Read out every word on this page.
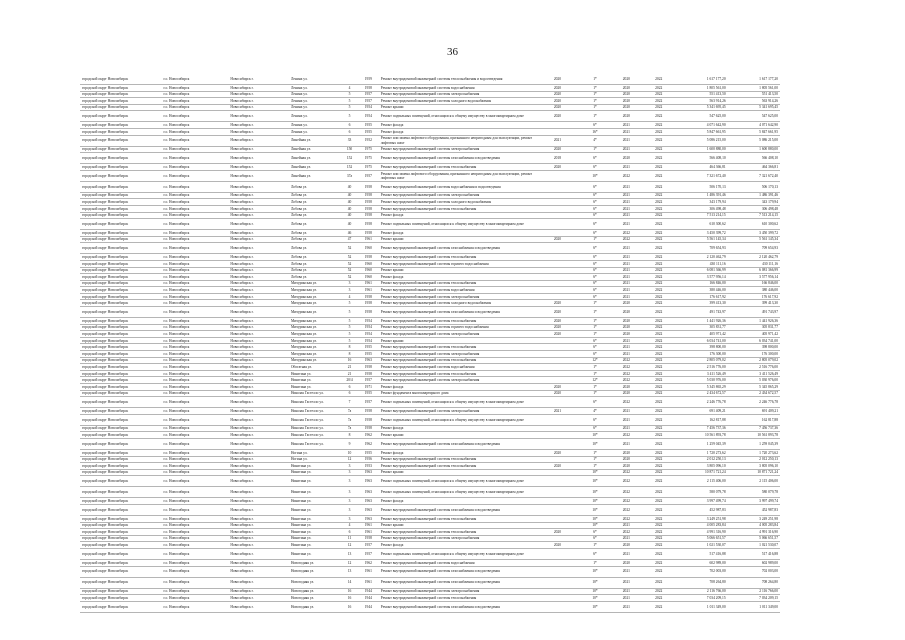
36
городской округ Новосибирск	г.о. Новосибирск	Новосибирск г.	Ленина ул.		1959	Ремонт внутридомовой инженерной системы теплоснабжения и водоотведения	2020	1*	2020	2022	1 617 177,20	1 617 177,20
городской округ Новосибирск	г.о. Новосибирск	Новосибирск г.	Ленина ул.	4	1958	Ремонт внутридомовой инженерной системы водоснабжения	2020	1*	2020	2022	1 805 561,00	1 805 561,00
городской округ Новосибирск	г.о. Новосибирск	Новосибирск г.	Ленина ул.	5	1957	Ремонт внутридомовой инженерной системы электроснабжения	2020	1*	2020	2022	551 413,50	551 413,50
городской округ Новосибирск	г.о. Новосибирск	Новосибирск г.	Ленина ул.	5	1957	Ремонт внутридомовой инженерной системы холодного водоснабжения	2020	1*	2020	2022	563 914,26	563 914,26
городской округ Новосибирск	г.о. Новосибирск	Новосибирск г.	Ленина ул.	5	1954	Ремонт крыши	2020	1*	2020	2022	5 341 695,45	5 341 695,45
городской округ Новосибирск	г.о. Новосибирск	Новосибирск г.	Ленина ул.	5	1954	Ремонт подвальных помещений, относящихся к общему имуществу в многоквартирном доме	2020	1*	2020	2022	547 625,00	547 625,00
городской округ Новосибирск	г.о. Новосибирск	Новосибирск г.	Ленина ул.	6	1955	Ремонт фасада		6*	2021	2022	4 071 642,90	4 071 642,90
городской округ Новосибирск	г.о. Новосибирск	Новосибирск г.	Ленина ул.	6	1955	Ремонт фасада		16*	2021	2022	5 847 661,95	5 847 661,95
городской округ Новосибирск	г.о. Новосибирск	Новосибирск г.	Линейная ул.	33	1952	Ремонт или замена лифтового оборудования, признанного непригодным для эксплуатации, ремонт лифтовых шахт	2021	4*	2021	2022	5 086 215,00	5 086 215,00
городской округ Новосибирск	г.о. Новосибирск	Новосибирск г.	Линейная ул.	150	1975	Ремонт внутридомовой инженерной системы электроснабжения	2020	1*	2021	2022	1 600 880,00	1 600 880,00
городской округ Новосибирск	г.о. Новосибирск	Новосибирск г.	Линейная ул.	152	1975	Ремонт внутридомовой инженерной системы газоснабжения и водоотведения	2018	6*	2020	2022	566 408,10	566 408,10
городской округ Новосибирск	г.о. Новосибирск	Новосибирск г.	Линейная ул.	152	1975	Ремонт внутридомовой инженерной системы теплоснабжения	2020	6*	2021	2022	464 366,81	464 366,81
городской округ Новосибирск	г.о. Новосибирск	Новосибирск г.	Линейная ул.	37а	1957	Ремонт или замена лифтового оборудования, признанного непригодным для эксплуатации, ремонт лифтовых шахт		10*	2022	2022	7 321 672,40	7 321 672,40
городской округ Новосибирск	г.о. Новосибирск	Новосибирск г.	Лобова ул.	40	1958	Ремонт внутридомовой инженерной системы водоснабжения и водоотведения		6*	2021	2022	506 170,13	506 170,13
городской округ Новосибирск	г.о. Новосибирск	Новосибирск г.	Лобова ул.	40	1958	Ремонт внутридомовой инженерной системы электроснабжения		6*	2021	2022	1 486 391,46	1 486 391,46
городской округ Новосибирск	г.о. Новосибирск	Новосибирск г.	Лобова ул.	40	1958	Ремонт внутридомовой инженерной системы холодного водоснабжения		6*	2021	2022	343 179,94	343 179,94
городской округ Новосибирск	г.о. Новосибирск	Новосибирск г.	Лобова ул.	40	1958	Ремонт внутридомовой инженерной системы теплоснабжения		6*	2021	2022	306 498,48	306 498,48
городской округ Новосибирск	г.о. Новосибирск	Новосибирск г.	Лобова ул.	40	1958	Ремонт фасада		6*	2021	2022	7 513 214,15	7 513 214,15
городской округ Новосибирск	г.о. Новосибирск	Новосибирск г.	Лобова ул.	40	1958	Ремонт подвальных помещений, относящихся к общему имуществу в многоквартирном доме		6*	2021	2022	610 300,62	610 300,62
городской округ Новосибирск	г.о. Новосибирск	Новосибирск г.	Лобова ул.	46	1958	Ремонт фасада		6*	2022	2022	3 450 399,72	3 450 399,72
городской округ Новосибирск	г.о. Новосибирск	Новосибирск г.	Лобова ул.	47	1961	Ремонт крыши	2020	1*	2022	2022	5 561 145,34	5 561 145,34
городской округ Новосибирск	г.о. Новосибирск	Новосибирск г.	Лобова ул.	52	1960	Ремонт внутридомовой инженерной системы газоснабжения и водоотведения		6*	2021	2022	709 654,93	709 654,93
городской округ Новосибирск	г.о. Новосибирск	Новосибирск г.	Лобова ул.	52	1958	Ремонт внутридомовой инженерной системы теплоснабжения		6*	2021	2022	2 120 462,79	2 120 462,79
городской округ Новосибирск	г.о. Новосибирск	Новосибирск г.	Лобова ул.	52	1960	Ремонт внутридомовой инженерной системы горячего водоснабжения		6*	2021	2022	430 111,16	430 111,16
городской округ Новосибирск	г.о. Новосибирск	Новосибирск г.	Лобова ул.	52	1960	Ремонт крыши		6*	2021	2022	6 081 366,99	6 081 366,99
городской округ Новосибирск	г.о. Новосибирск	Новосибирск г.	Лобова ул.	52	1960	Ремонт фасада		6*	2021	2022	3 577 956,14	3 577 956,14
городской округ Новосибирск	г.о. Новосибирск	Новосибирск г.	Мичуринская ул.	3	1961	Ремонт внутридомовой инженерной системы теплоснабжения		6*	2021	2022	166 846,00	166 846,00
городской округ Новосибирск	г.о. Новосибирск	Новосибирск г.	Мичуринская ул.	3	1961	Ремонт внутридомовой инженерной системы водоснабжения		6*	2021	2022	380 446,00	380 446,00
городской округ Новосибирск	г.о. Новосибирск	Новосибирск г.	Мичуринская ул.	4	1958	Ремонт внутридомовой инженерной системы электроснабжения		6*	2021	2022	176 617,92	176 617,92
городской округ Новосибирск	г.о. Новосибирск	Новосибирск г.	Мичуринская ул.	5	1958	Ремонт внутридомовой инженерной системы холодного водоснабжения	2020	1*	2020	2022	399 413,30	399 413,30
городской округ Новосибирск	г.о. Новосибирск	Новосибирск г.	Мичуринская ул.	5	1958	Ремонт внутридомовой инженерной системы газоснабжения и водоотведения	2020	1*	2020	2022	491 743,97	491 743,97
городской округ Новосибирск	г.о. Новосибирск	Новосибирск г.	Мичуринская ул.	5	1954	Ремонт внутридомовой инженерной системы теплоснабжения	2020	1*	2020	2022	1 441 926,36	1 441 926,36
городской округ Новосибирск	г.о. Новосибирск	Новосибирск г.	Мичуринская ул.	5	1954	Ремонт внутридомовой инженерной системы горячего водоснабжения	2020	1*	2020	2022	305 831,77	305 831,77
городской округ Новосибирск	г.о. Новосибирск	Новосибирск г.	Мичуринская ул.	5	1954	Ремонт внутридомовой инженерной системы электроснабжения	2020	1*	2020	2022	405 971,42	405 971,42
городской округ Новосибирск	г.о. Новосибирск	Новосибирск г.	Мичуринская ул.	5	1954	Ремонт крыши		6*	2021	2022	6 034 741,00	6 034 741,00
городской округ Новосибирск	г.о. Новосибирск	Новосибирск г.	Мичуринская ул.	8	1955	Ремонт внутридомовой инженерной системы теплоснабжения		6*	2021	2022	398 800,00	398 800,00
городской округ Новосибирск	г.о. Новосибирск	Новосибирск г.	Мичуринская ул.	8	1955	Ремонт внутридомовой инженерной системы электроснабжения		6*	2021	2022	176 300,00	176 300,00
городской округ Новосибирск	г.о. Новосибирск	Новосибирск г.	Мичуринская ул.	16	1963	Ремонт внутридомовой инженерной системы теплоснабжения		12*	2022	2022	2 805 079,02	2 805 079,02
городской округ Новосибирск	г.о. Новосибирск	Новосибирск г.	Обогатная ул.	21	1958	Ремонт внутридомовой инженерной системы водоснабжения		1*	2022	2022	2 516 776,00	2 516 776,00
городской округ Новосибирск	г.о. Новосибирск	Новосибирск г.	Никитина ул.	21	1958	Ремонт внутридомовой инженерной системы теплоснабжения		1*	2022	2022	3 411 526,49	3 411 526,49
городской округ Новосибирск	г.о. Новосибирск	Новосибирск г.	Никитина ул.	20/4	1957	Ремонт внутридомовой инженерной системы электроснабжения		12*	2022	2022	5 030 976,00	5 030 976,00
городской округ Новосибирск	г.о. Новосибирск	Новосибирск г.	Никитина ул.	6	1971	Ремонт фасада	2020	1*	2020	2022	5 345 865,29	5 345 865,29
городской округ Новосибирск	г.о. Новосибирск	Новосибирск г.	Николая Гастелло ул.	6	1955	Ремонт фундамента многоквартирного дома	2020	1*	2020	2022	2 434 672,57	2 434 672,57
городской округ Новосибирск	г.о. Новосибирск	Новосибирск г.	Николая Гастелло ул.	7	1957	Ремонт подвальных помещений, относящихся к общему имуществу в многоквартирном доме		6*	2022	2022	2 246 776,78	2 246 776,78
городской округ Новосибирск	г.о. Новосибирск	Новосибирск г.	Николая Гастелло ул.	7а	1958	Ремонт внутридомовой инженерной системы электроснабжения	2021	4*	2021	2022	691 409,21	691 409,21
городской округ Новосибирск	г.о. Новосибирск	Новосибирск г.	Николая Гастелло ул.	7а	1958	Ремонт подвальных помещений, относящихся к общему имуществу в многоквартирном доме		6*	2021	2022	162 817,88	162 817,88
городской округ Новосибирск	г.о. Новосибирск	Новосибирск г.	Николая Гастелло ул.	7а	1958	Ремонт фасада		6*	2021	2022	7 456 737,36	7 456 737,36
городской округ Новосибирск	г.о. Новосибирск	Новосибирск г.	Николая Гастелло ул.	8	1962	Ремонт крыши		10*	2022	2022	10 561 893,78	10 561 893,78
городской округ Новосибирск	г.о. Новосибирск	Новосибирск г.	Николая Гастелло ул.	9	1962	Ремонт внутридомовой инженерной системы газоснабжения и водоотведения		10*	2021	2022	1 259 045,39	1 259 045,39
городской округ Новосибирск	г.о. Новосибирск	Новосибирск г.	Ногина ул.	10	1955	Ремонт фасада	2020	1*	2020	2022	1 720 273,62	1 720 273,62
городской округ Новосибирск	г.о. Новосибирск	Новосибирск г.	Ногина ул.	12	1956	Ремонт внутридомовой инженерной системы теплоснабжения		1*	2020	2022	2 012 250,13	2 012 250,13
городской округ Новосибирск	г.о. Новосибирск	Новосибирск г.	Никитина ул.	3	1953	Ремонт внутридомовой инженерной системы теплоснабжения	2020	1*	2020	2022	3 805 096,10	3 805 096,10
городской округ Новосибирск	г.о. Новосибирск	Новосибирск г.	Никитина ул.	3	1963	Ремонт крыши		10*	2022	2022	10 871 721,24	10 871 721,24
городской округ Новосибирск	г.о. Новосибирск	Новосибирск г.	Никитина ул.	3	1963	Ремонт подвальных помещений, относящихся к общему имуществу в многоквартирном доме		10*	2022	2022	2 115 406,00	2 115 406,00
городской округ Новосибирск	г.о. Новосибирск	Новосибирск г.	Никитина ул.	3	1963	Ремонт подвальных помещений, относящихся к общему имуществу в многоквартирном доме		10*	2022	2022	580 079,78	580 079,78
городской округ Новосибирск	г.о. Новосибирск	Новосибирск г.	Никитина ул.	3	1963	Ремонт фасада		10*	2022	2022	3 997 499,74	3 997 499,74
городской округ Новосибирск	г.о. Новосибирск	Новосибирск г.	Никитина ул.	3	1963	Ремонт внутридомовой инженерной системы газоснабжения и водоотведения		10*	2022	2022	452 987,83	452 987,83
городской округ Новосибирск	г.о. Новосибирск	Новосибирск г.	Никитина ул.	3	1963	Ремонт внутридомовой инженерной системы теплоснабжения		10*	2022	2022	3 249 251,98	3 249 251,98
городской округ Новосибирск	г.о. Новосибирск	Новосибирск г.	Никитина ул.	4	1961	Ремонт крыши		10*	2021	2022	4 005 283,84	4 005 283,84
городской округ Новосибирск	г.о. Новосибирск	Новосибирск г.	Никитина ул.	6	1961	Ремонт внутридомовой инженерной системы теплоснабжения	2020	6*	2022	2022	4 991 316,90	4 991 316,90
городской округ Новосибирск	г.о. Новосибирск	Новосибирск г.	Никитина ул.	11	1958	Ремонт внутридомовой инженерной системы электроснабжения		6*	2021	2022	5 066 651,57	5 066 651,57
городской округ Новосибирск	г.о. Новосибирск	Новосибирск г.	Никитина ул.	12	1957	Ремонт фасада	2020	1*	2020	2022	1 021 530,07	1 021 530,07
городской округ Новосибирск	г.о. Новосибирск	Новосибирск г.	Никитина ул.	13	1957	Ремонт подвальных помещений, относящихся к общему имуществу в многоквартирном доме		6*	2021	2022	517 416,88	517 416,88
городской округ Новосибирск	г.о. Новосибирск	Новосибирск г.	Новогодняя ул.	12	1962	Ремонт внутридомовой инженерной системы водоснабжения		1*	2020	2022	602 989,00	602 989,00
городской округ Новосибирск	г.о. Новосибирск	Новосибирск г.	Новогодняя ул.	13	1961	Ремонт внутридомовой инженерной системы газоснабжения и водоотведения		10*	2021	2022	702 003,00	702 003,00
городской округ Новосибирск	г.о. Новосибирск	Новосибирск г.	Новогодняя ул.	14	1961	Ремонт внутридомовой инженерной системы газоснабжения и водоотведения		10*	2021	2022	708 264,80	708 264,80
городской округ Новосибирск	г.о. Новосибирск	Новосибирск г.	Новогодняя ул.	16	1944	Ремонт внутридомовой инженерной системы электроснабжения		10*	2021	2022	2 116 766,00	2 116 766,00
городской округ Новосибирск	г.о. Новосибирск	Новосибирск г.	Новогодняя ул.	16	1944	Ремонт внутридомовой инженерной системы теплоснабжения		10*	2021	2022	7 034 209,15	7 034 209,15
городской округ Новосибирск	г.о. Новосибирск	Новосибирск г.	Новогодняя ул.	16	1944	Ремонт внутридомовой инженерной системы газоснабжения и водоотведения		10*	2021	2022	1 011 349,00	1 011 349,00
